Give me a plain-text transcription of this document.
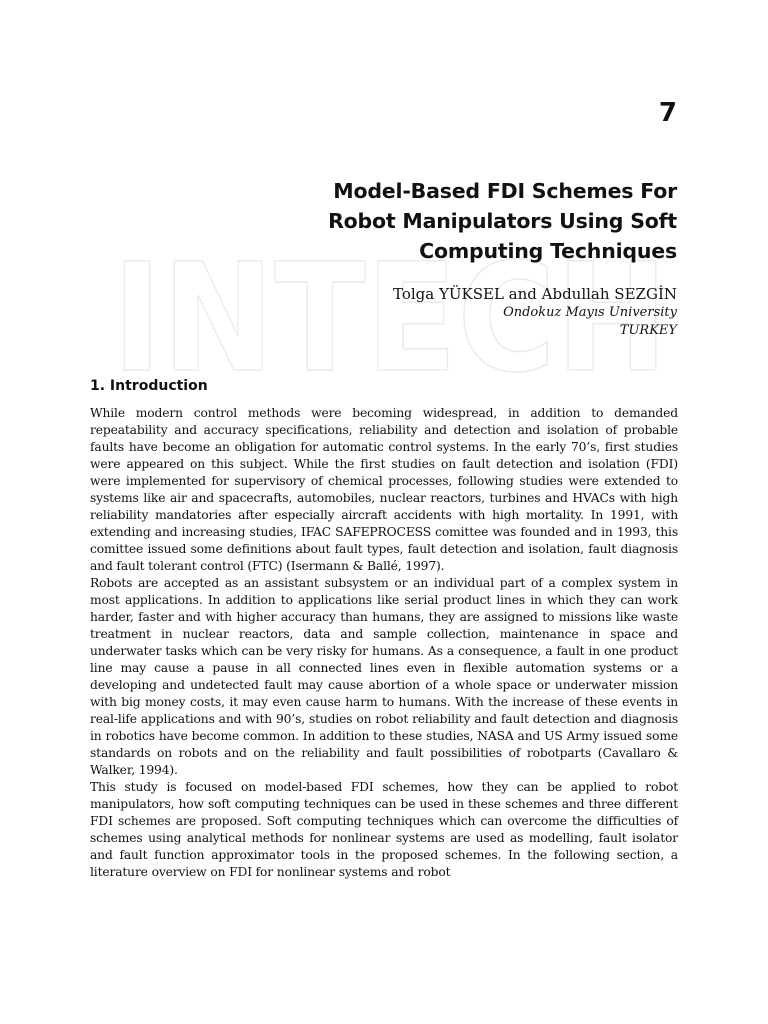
INTECH
7
Model-Based FDI Schemes For
Robot Manipulators Using Soft
Computing Techniques
Tolga YÜKSEL and Abdullah SEZGİN
Ondokuz Mayıs University
TURKEY
1. Introduction

While modern control methods were becoming widespread, in addition to demanded repeatability and accuracy specifications, reliability and detection and isolation of probable faults have become an obligation for automatic control systems. In the early 70’s, first studies were appeared on this subject. While the first studies on fault detection and isolation (FDI) were implemented for supervisory of chemical processes, following studies were extended to systems like air and spacecrafts, automobiles, nuclear reactors, turbines and HVACs with high reliability mandatories after especially aircraft accidents with high mortality. In 1991, with extending and increasing studies, IFAC SAFEPROCESS comittee was founded and in 1993, this comittee issued some definitions about fault types, fault detection and isolation, fault diagnosis and fault tolerant control (FTC) (Isermann & Ballé, 1997).

Robots are accepted as an assistant subsystem or an individual part of a complex system in most applications. In addition to applications like serial product lines in which they can work harder, faster and with higher accuracy than humans, they are assigned to missions like waste treatment in nuclear reactors, data and sample collection, maintenance in space and underwater tasks which can be very risky for humans. As a consequence, a fault in one product line may cause a pause in all connected lines even in flexible automation systems or a developing and undetected fault may cause abortion of a whole space or underwater mission with big money costs, it may even cause harm to humans. With the increase of these events in real-life applications and with 90’s, studies on robot reliability and fault detection and diagnosis in robotics have become common. In addition to these studies, NASA and US Army issued some standards on robots and on the reliability and fault possibilities of robotparts (Cavallaro & Walker, 1994).

This study is focused on model-based FDI schemes, how they can be applied to robot manipulators, how soft computing techniques can be used in these schemes and three different FDI schemes are proposed. Soft computing techniques which can overcome the difficulties of schemes using analytical methods for nonlinear systems are used as modelling, fault isolator and fault function approximator tools in the proposed schemes. In the following section, a literature overview on FDI for nonlinear systems and robot
